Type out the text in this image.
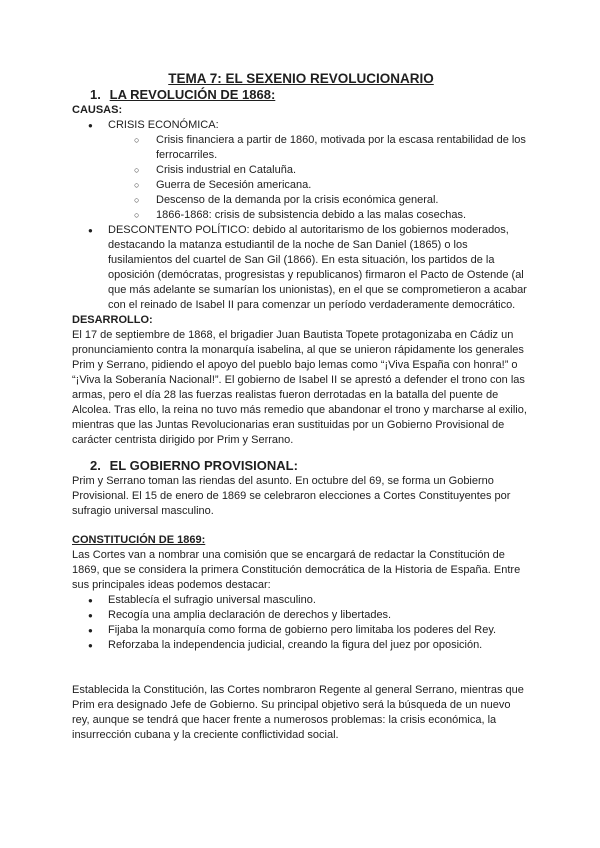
TEMA 7: EL SEXENIO REVOLUCIONARIO

1. LA REVOLUCIÓN DE 1868:

CAUSAS:

● CRISIS ECONÓMICA:
○ Crisis financiera a partir de 1860, motivada por la escasa rentabilidad de los ferrocarriles.
○ Crisis industrial en Cataluña.
○ Guerra de Secesión americana.
○ Descenso de la demanda por la crisis económica general.
○ 1866-1868: crisis de subsistencia debido a las malas cosechas.
● DESCONTENTO POLÍTICO: debido al autoritarismo de los gobiernos moderados, destacando la matanza estudiantil de la noche de San Daniel (1865) o los fusilamientos del cuartel de San Gil (1866). En esta situación, los partidos de la oposición (demócratas, progresistas y republicanos) firmaron el Pacto de Ostende (al que más adelante se sumarían los unionistas), en el que se comprometieron a acabar con el reinado de Isabel II para comenzar un período verdaderamente democrático.

DESARROLLO:

El 17 de septiembre de 1868, el brigadier Juan Bautista Topete protagonizaba en Cádiz un pronunciamiento contra la monarquía isabelina, al que se unieron rápidamente los generales Prim y Serrano, pidiendo el apoyo del pueblo bajo lemas como “¡Viva España con honra!” o “¡Viva la Soberanía Nacional!”. El gobierno de Isabel II se aprestó a defender el trono con las armas, pero el día 28 las fuerzas realistas fueron derrotadas en la batalla del puente de Alcolea. Tras ello, la reina no tuvo más remedio que abandonar el trono y marcharse al exilio, mientras que las Juntas Revolucionarias eran sustituidas por un Gobierno Provisional de carácter centrista dirigido por Prim y Serrano.

2. EL GOBIERNO PROVISIONAL:

Prim y Serrano toman las riendas del asunto. En octubre del 69, se forma un Gobierno Provisional. El 15 de enero de 1869 se celebraron elecciones a Cortes Constituyentes por sufragio universal masculino.

CONSTITUCIÓN DE 1869:

Las Cortes van a nombrar una comisión que se encargará de redactar la Constitución de 1869, que se considera la primera Constitución democrática de la Historia de España. Entre sus principales ideas podemos destacar:

● Establecía el sufragio universal masculino.
● Recogía una amplia declaración de derechos y libertades.
● Fijaba la monarquía como forma de gobierno pero limitaba los poderes del Rey.
● Reforzaba la independencia judicial, creando la figura del juez por oposición.

Establecida la Constitución, las Cortes nombraron Regente al general Serrano, mientras que Prim era designado Jefe de Gobierno. Su principal objetivo será la búsqueda de un nuevo rey, aunque se tendrá que hacer frente a numerosos problemas: la crisis económica, la insurrección cubana y la creciente conflictividad social.
